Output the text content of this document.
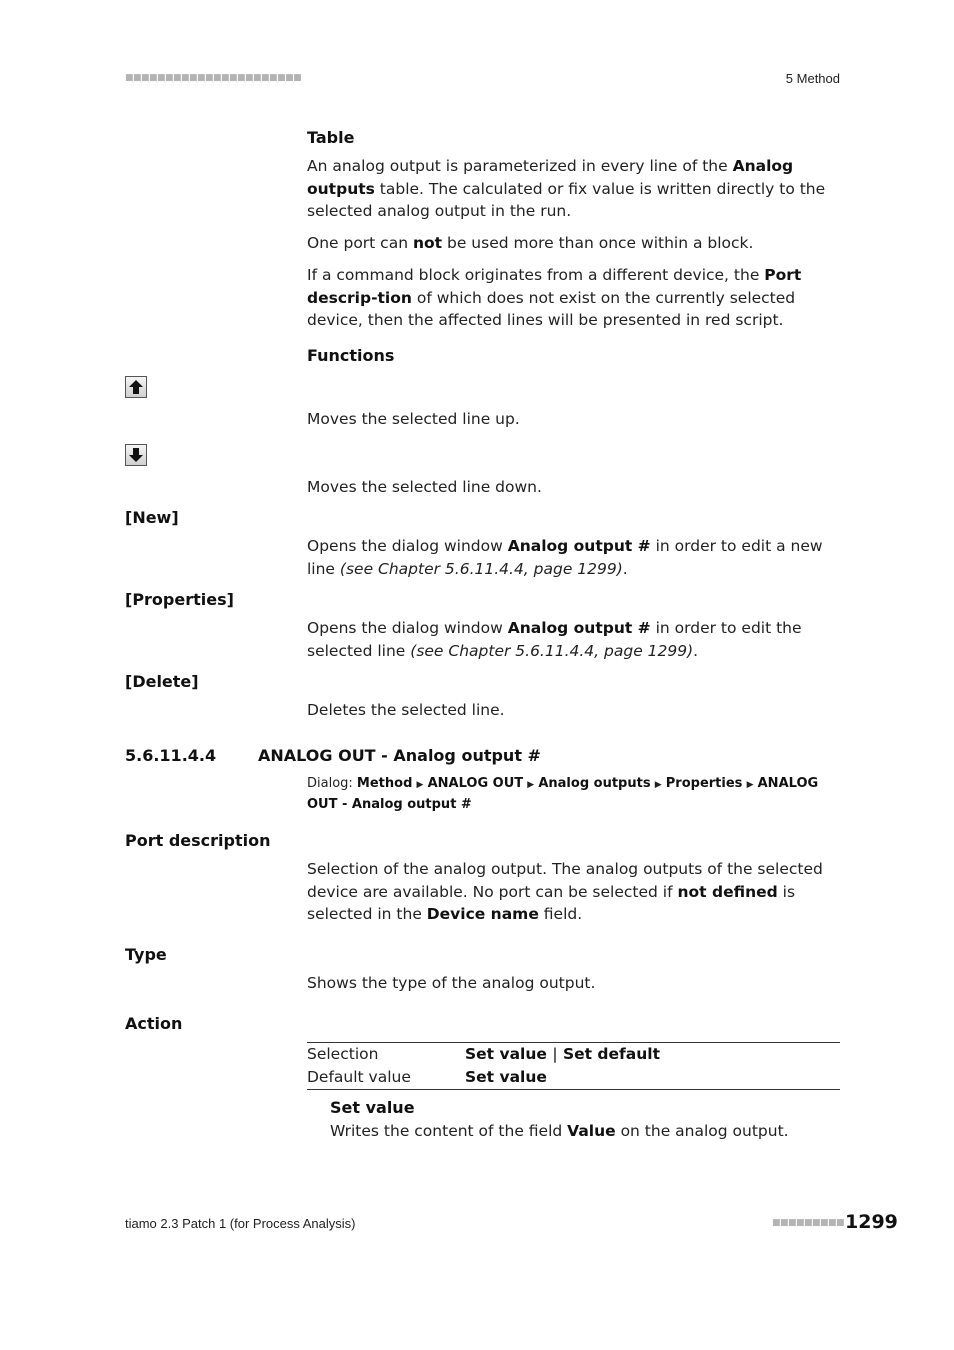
■■■■■■■■■■■■■■■■■■■■■■	5 Method
Table
An analog output is parameterized in every line of the Analog outputs table. The calculated or fix value is written directly to the selected analog output in the run.
One port can not be used more than once within a block.
If a command block originates from a different device, the Port descrip-tion of which does not exist on the currently selected device, then the affected lines will be presented in red script.
Functions
Moves the selected line up.
Moves the selected line down.
[New]
Opens the dialog window Analog output # in order to edit a new line (see Chapter 5.6.11.4.4, page 1299).
[Properties]
Opens the dialog window Analog output # in order to edit the selected line (see Chapter 5.6.11.4.4, page 1299).
[Delete]
Deletes the selected line.
5.6.11.4.4	ANALOG OUT - Analog output #
Dialog: Method ▶ ANALOG OUT ▶ Analog outputs ▶ Properties ▶ ANALOG OUT - Analog output #
Port description
Selection of the analog output. The analog outputs of the selected device are available. No port can be selected if not defined is selected in the Device name field.
Type
Shows the type of the analog output.
Action
Selection	Set value | Set default
Default value	Set value
Set value
Writes the content of the field Value on the analog output.
tiamo 2.3 Patch 1 (for Process Analysis)	■■■■■■■■■ 1299
